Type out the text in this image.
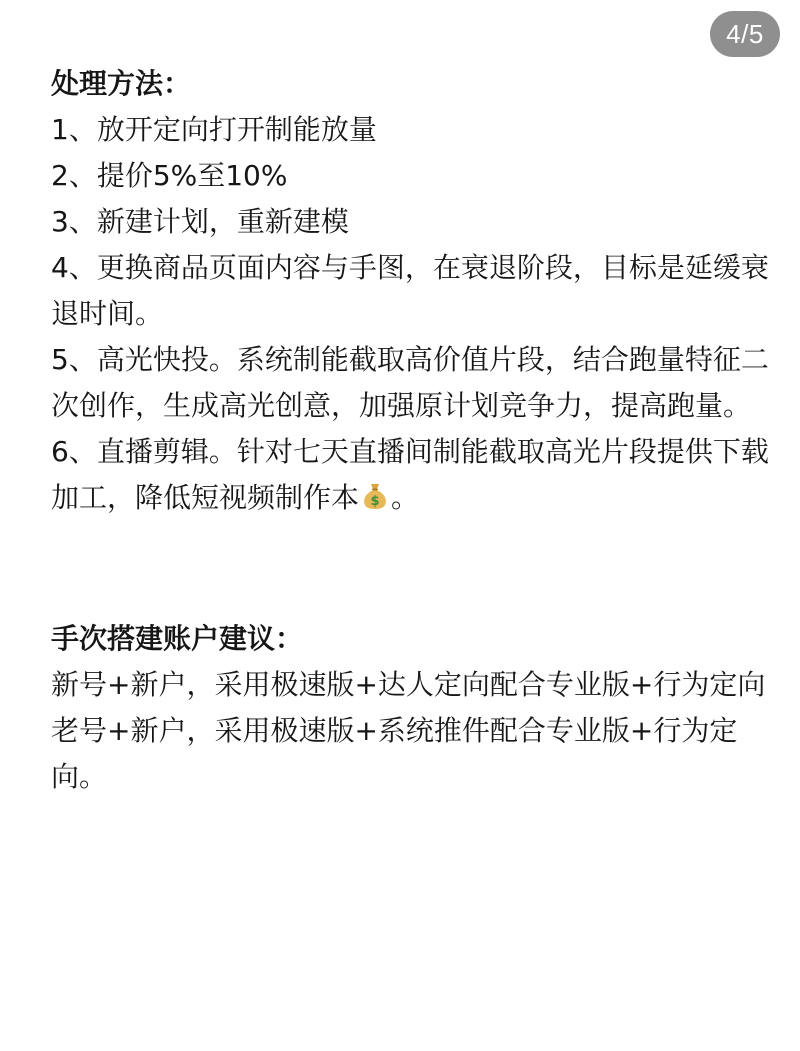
4/5

处理方法：

1、放开定向打开制能放量

2、提价5%至10%

3、新建计划，重新建模

4、更换商品页面内容与手图，在衰退阶段，目标是延缓衰退时间。

5、高光快投。系统制能截取高价值片段，结合跑量特征二次创作，生成高光创意，加强原计划竞争力，提高跑量。

6、直播剪辑。针对七天直播间制能截取高光片段提供下载加工，降低短视频制作本 $ 。

手次搭建账户建议：

新号+新户，采用极速版+达人定向配合专业版+行为定向

老号+新户，采用极速版+系统推件配合专业版+行为定向。
